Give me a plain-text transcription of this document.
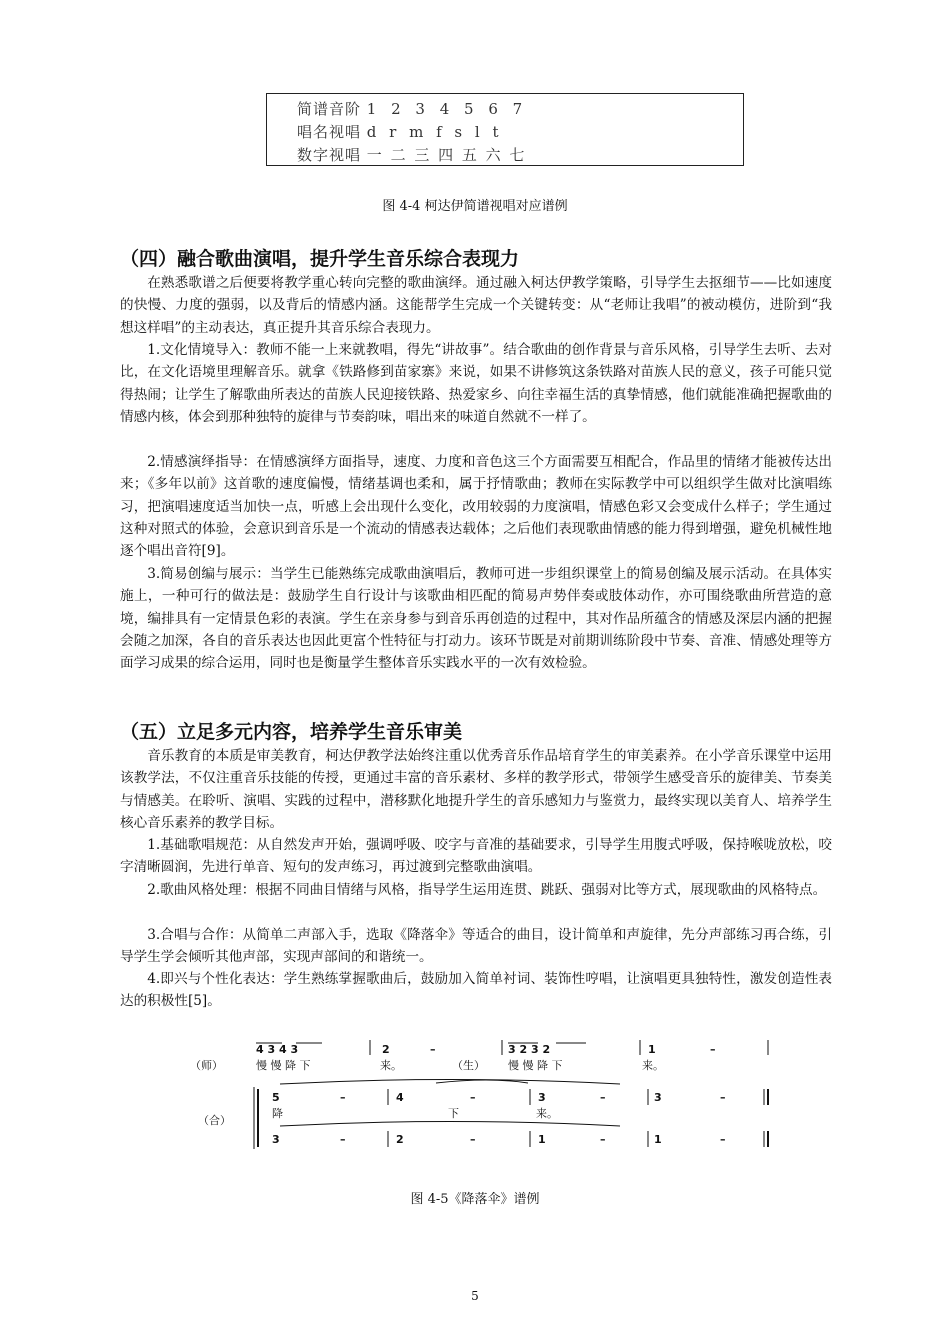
简谱音阶 1 2 3 4 5 6 7
唱名视唱 d r m f s l t
数字视唱 一 二 三 四 五 六 七
图 4-4 柯达伊简谱视唱对应谱例
（四）融合歌曲演唱，提升学生音乐综合表现力

在熟悉歌谱之后便要将教学重心转向完整的歌曲演绎。通过融入柯达伊教学策略，引导学生去抠细节——比如速度的快慢、力度的强弱，以及背后的情感内涵。这能帮学生完成一个关键转变：从“老师让我唱”的被动模仿，进阶到“我想这样唱”的主动表达，真正提升其音乐综合表现力。

1.文化情境导入：教师不能一上来就教唱，得先“讲故事”。结合歌曲的创作背景与音乐风格，引导学生去听、去对比，在文化语境里理解音乐。就拿《铁路修到苗家寨》来说，如果不讲修筑这条铁路对苗族人民的意义，孩子可能只觉得热闹；让学生了解歌曲所表达的苗族人民迎接铁路、热爱家乡、向往幸福生活的真挚情感，他们就能准确把握歌曲的情感内核，体会到那种独特的旋律与节奏韵味，唱出来的味道自然就不一样了。

2.情感演绎指导：在情感演绎方面指导，速度、力度和音色这三个方面需要互相配合，作品里的情绪才能被传达出来；《多年以前》这首歌的速度偏慢，情绪基调也柔和，属于抒情歌曲；教师在实际教学中可以组织学生做对比演唱练习，把演唱速度适当加快一点，听感上会出现什么变化，改用较弱的力度演唱，情感色彩又会变成什么样子；学生通过这种对照式的体验，会意识到音乐是一个流动的情感表达载体；之后他们表现歌曲情感的能力得到增强，避免机械性地逐个唱出音符[9]。

3.简易创编与展示：当学生已能熟练完成歌曲演唱后，教师可进一步组织课堂上的简易创编及展示活动。在具体实施上，一种可行的做法是：鼓励学生自行设计与该歌曲相匹配的简易声势伴奏或肢体动作，亦可围绕歌曲所营造的意境，编排具有一定情景色彩的表演。学生在亲身参与到音乐再创造的过程中，其对作品所蕴含的情感及深层内涵的把握会随之加深，各自的音乐表达也因此更富个性特征与打动力。该环节既是对前期训练阶段中节奏、音准、情感处理等方面学习成果的综合运用，同时也是衡量学生整体音乐实践水平的一次有效检验。

（五）立足多元内容，培养学生音乐审美

音乐教育的本质是审美教育，柯达伊教学法始终注重以优秀音乐作品培育学生的审美素养。在小学音乐课堂中运用该教学法，不仅注重音乐技能的传授，更通过丰富的音乐素材、多样的教学形式，带领学生感受音乐的旋律美、节奏美与情感美。在聆听、演唱、实践的过程中，潜移默化地提升学生的音乐感知力与鉴赏力，最终实现以美育人、培养学生核心音乐素养的教学目标。

1.基础歌唱规范：从自然发声开始，强调呼吸、咬字与音准的基础要求，引导学生用腹式呼吸，保持喉咙放松，咬字清晰圆润，先进行单音、短句的发声练习，再过渡到完整歌曲演唱。

2.歌曲风格处理：根据不同曲目情绪与风格，指导学生运用连贯、跳跃、强弱对比等方式，展现歌曲的风格特点。

3.合唱与合作：从简单二声部入手，选取《降落伞》等适合的曲目，设计简单和声旋律，先分声部练习再合练，引导学生学会倾听其他声部，实现声部间的和谐统一。

4.即兴与个性化表达：学生熟练掌握歌曲后，鼓励加入简单衬词、装饰性哼唱，让演唱更具独特性，激发创造性表达的积极性[5]。

4 3 4 3	2	–	3 2 3 2	1	–
（师）	慢 慢 降 下	来。	（生） 慢 慢 降 下	来。
（合）
5	–	4	–	3	–	3	–
降	下	来。
3	–	2	–	1	–	1	–
图 4-5《降落伞》谱例
5
